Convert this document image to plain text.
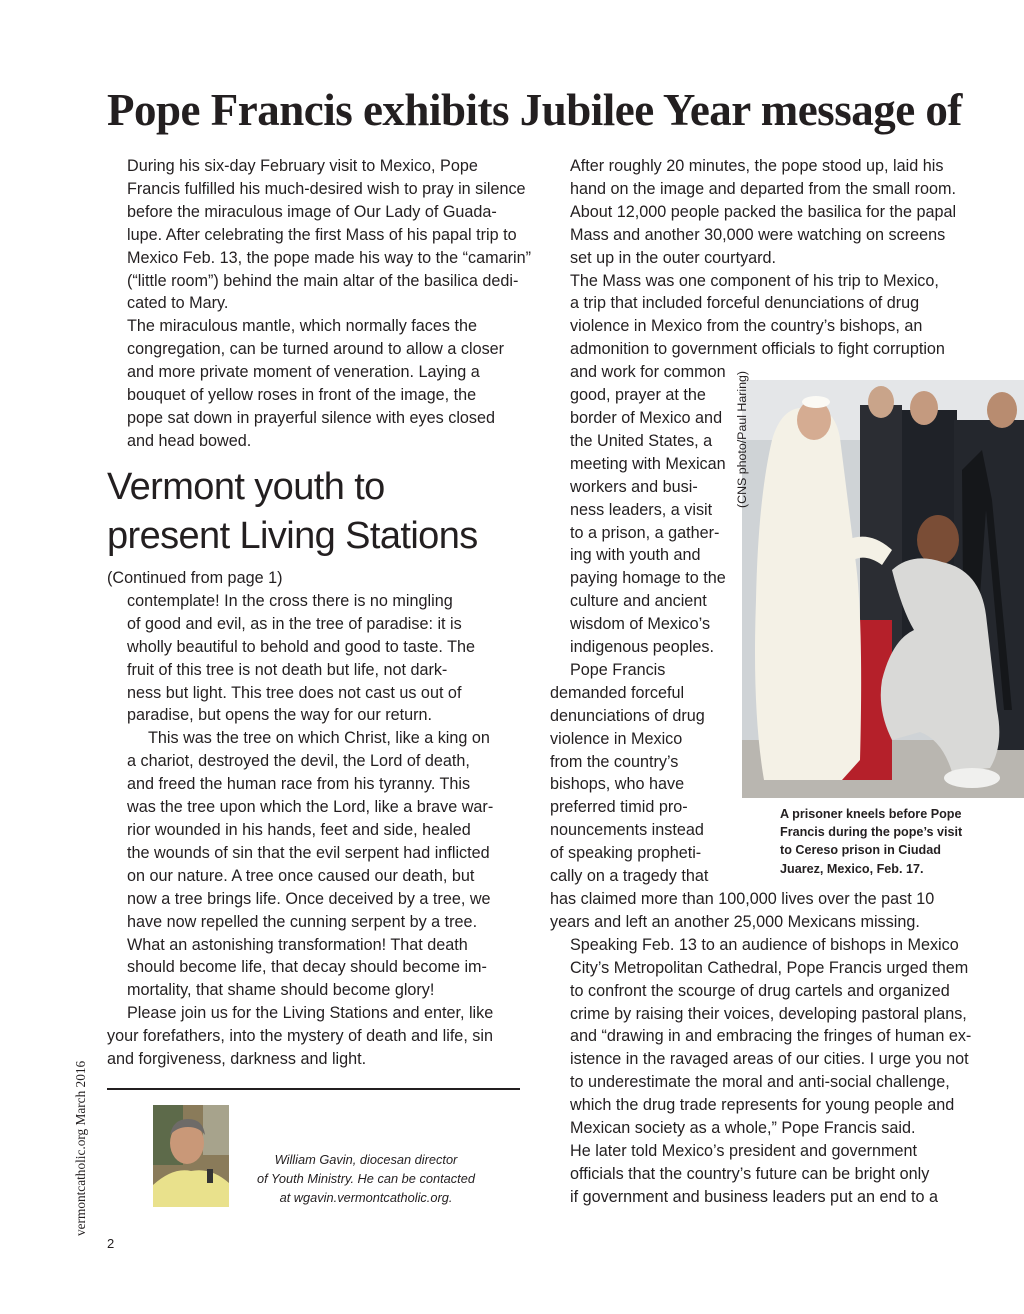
Pope Francis exhibits Jubilee Year message of
During his six-day February visit to Mexico, Pope
Francis fulfilled his much-desired wish to pray in silence
before the miraculous image of Our Lady of Guada-
lupe. After celebrating the first Mass of his papal trip to
Mexico Feb. 13, the pope made his way to the “camarin”
(“little room”) behind the main altar of the basilica dedi-
cated to Mary.
The miraculous mantle, which normally faces the
congregation, can be turned around to allow a closer
and more private moment of veneration. Laying a
bouquet of yellow roses in front of the image, the
pope sat down in prayerful silence with eyes closed
and head bowed.
Vermont youth to
present Living Stations
(Continued from page 1)
contemplate! In the cross there is no mingling
of good and evil, as in the tree of paradise: it is
wholly beautiful to behold and good to taste. The
fruit of this tree is not death but life, not dark-
ness but light. This tree does not cast us out of
paradise, but opens the way for our return.
This was the tree on which Christ, like a king on
a chariot, destroyed the devil, the Lord of death,
and freed the human race from his tyranny. This
was the tree upon which the Lord, like a brave war-
rior wounded in his hands, feet and side, healed
the wounds of sin that the evil serpent had inflicted
on our nature. A tree once caused our death, but
now a tree brings life. Once deceived by a tree, we
have now repelled the cunning serpent by a tree.
What an astonishing transformation! That death
should become life, that decay should become im-
mortality, that shame should become glory!
Please join us for the Living Stations and enter, like
your forefathers, into the mystery of death and life, sin
and forgiveness, darkness and light.
William Gavin, diocesan director
of Youth Ministry. He can be contacted
at wgavin.vermontcatholic.org.
After roughly 20 minutes, the pope stood up, laid his
hand on the image and departed from the small room.
About 12,000 people packed the basilica for the papal
Mass and another 30,000 were watching on screens
set up in the outer courtyard.
The Mass was one component of his trip to Mexico,
a trip that included forceful denunciations of drug
violence in Mexico from the country’s bishops, an
admonition to government officials to fight corruption
and work for common
good, prayer at the
border of Mexico and
the United States, a
meeting with Mexican
workers and busi-
ness leaders, a visit
to a prison, a gather-
ing with youth and
paying homage to the
culture and ancient
wisdom of Mexico’s
indigenous peoples.
Pope Francis
demanded forceful
denunciations of drug
violence in Mexico
from the country’s
bishops, who have
preferred timid pro-
nouncements instead
of speaking propheti-
cally on a tragedy that
has claimed more than 100,000 lives over the past 10
years and left an another 25,000 Mexicans missing.
Speaking Feb. 13 to an audience of bishops in Mexico
City’s Metropolitan Cathedral, Pope Francis urged them
to confront the scourge of drug cartels and organized
crime by raising their voices, developing pastoral plans,
and “drawing in and embracing the fringes of human ex-
istence in the ravaged areas of our cities. I urge you not
to underestimate the moral and anti-social challenge,
which the drug trade represents for young people and
Mexican society as a whole,” Pope Francis said.
He later told Mexico’s president and government
officials that the country’s future can be bright only
if government and business leaders put an end to a
(CNS photo/Paul Haring)
A prisoner kneels before Pope
Francis during the pope’s visit
to Cereso prison in Ciudad
Juarez, Mexico, Feb. 17.
vermontcatholic.org March 2016
2
